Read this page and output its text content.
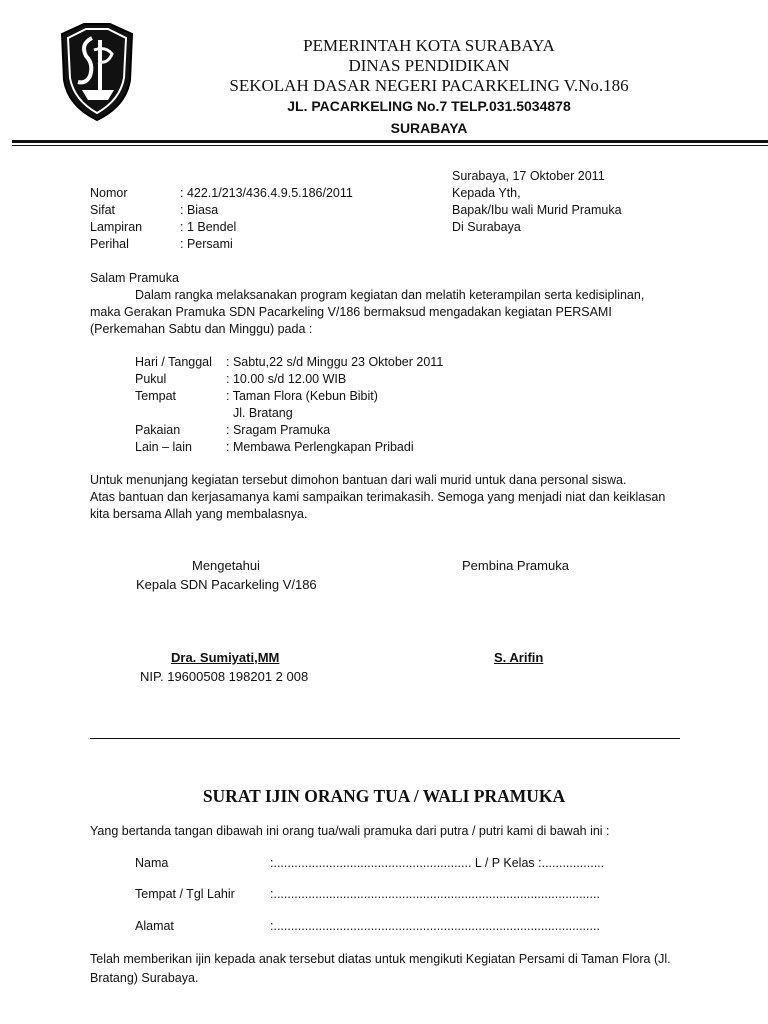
PEMERINTAH KOTA SURABAYA
DINAS PENDIDIKAN
SEKOLAH DASAR NEGERI PACARKELING V.No.186
JL. PACARKELING No.7 TELP.031.5034878
SURABAYA
Surabaya, 17 Oktober 2011
Kepada Yth,
Bapak/Ibu wali Murid Pramuka
Di Surabaya
Nomor	: 422.1/213/436.4.9.5.186/2011
Sifat	: Biasa
Lampiran	: 1 Bendel
Perihal	: Persami
Salam Pramuka
Dalam rangka melaksanakan program kegiatan dan melatih keterampilan serta kedisiplinan,
maka Gerakan Pramuka SDN Pacarkeling V/186 bermaksud mengadakan kegiatan PERSAMI
(Perkemahan Sabtu dan Minggu) pada :
Hari / Tanggal : Sabtu,22 s/d Minggu 23 Oktober 2011
Pukul	: 10.00 s/d 12.00 WIB
Tempat	: Taman Flora (Kebun Bibit)
Jl. Bratang
Pakaian	: Sragam Pramuka
Lain – lain	: Membawa Perlengkapan Pribadi
Untuk menunjang kegiatan tersebut dimohon bantuan dari wali murid untuk dana personal siswa.
Atas bantuan dan kerjasamanya kami sampaikan terimakasih. Semoga yang menjadi niat dan keiklasan
kita bersama Allah yang membalasnya.
Mengetahui
Kepala SDN Pacarkeling V/186
Pembina Pramuka
Dra. Sumiyati,MM
NIP. 19600508 198201 2 008
S. Arifin
SURAT IJIN ORANG TUA / WALI PRAMUKA
Yang bertanda tangan dibawah ini orang tua/wali pramuka dari putra / putri kami di bawah ini :
Nama	:......................................................... L / P Kelas :..................
Tempat / Tgl Lahir	:..............................................................................................
Alamat	:..............................................................................................
Telah memberikan ijin kepada anak tersebut diatas untuk mengikuti Kegiatan Persami di Taman Flora (Jl.
Bratang) Surabaya.
